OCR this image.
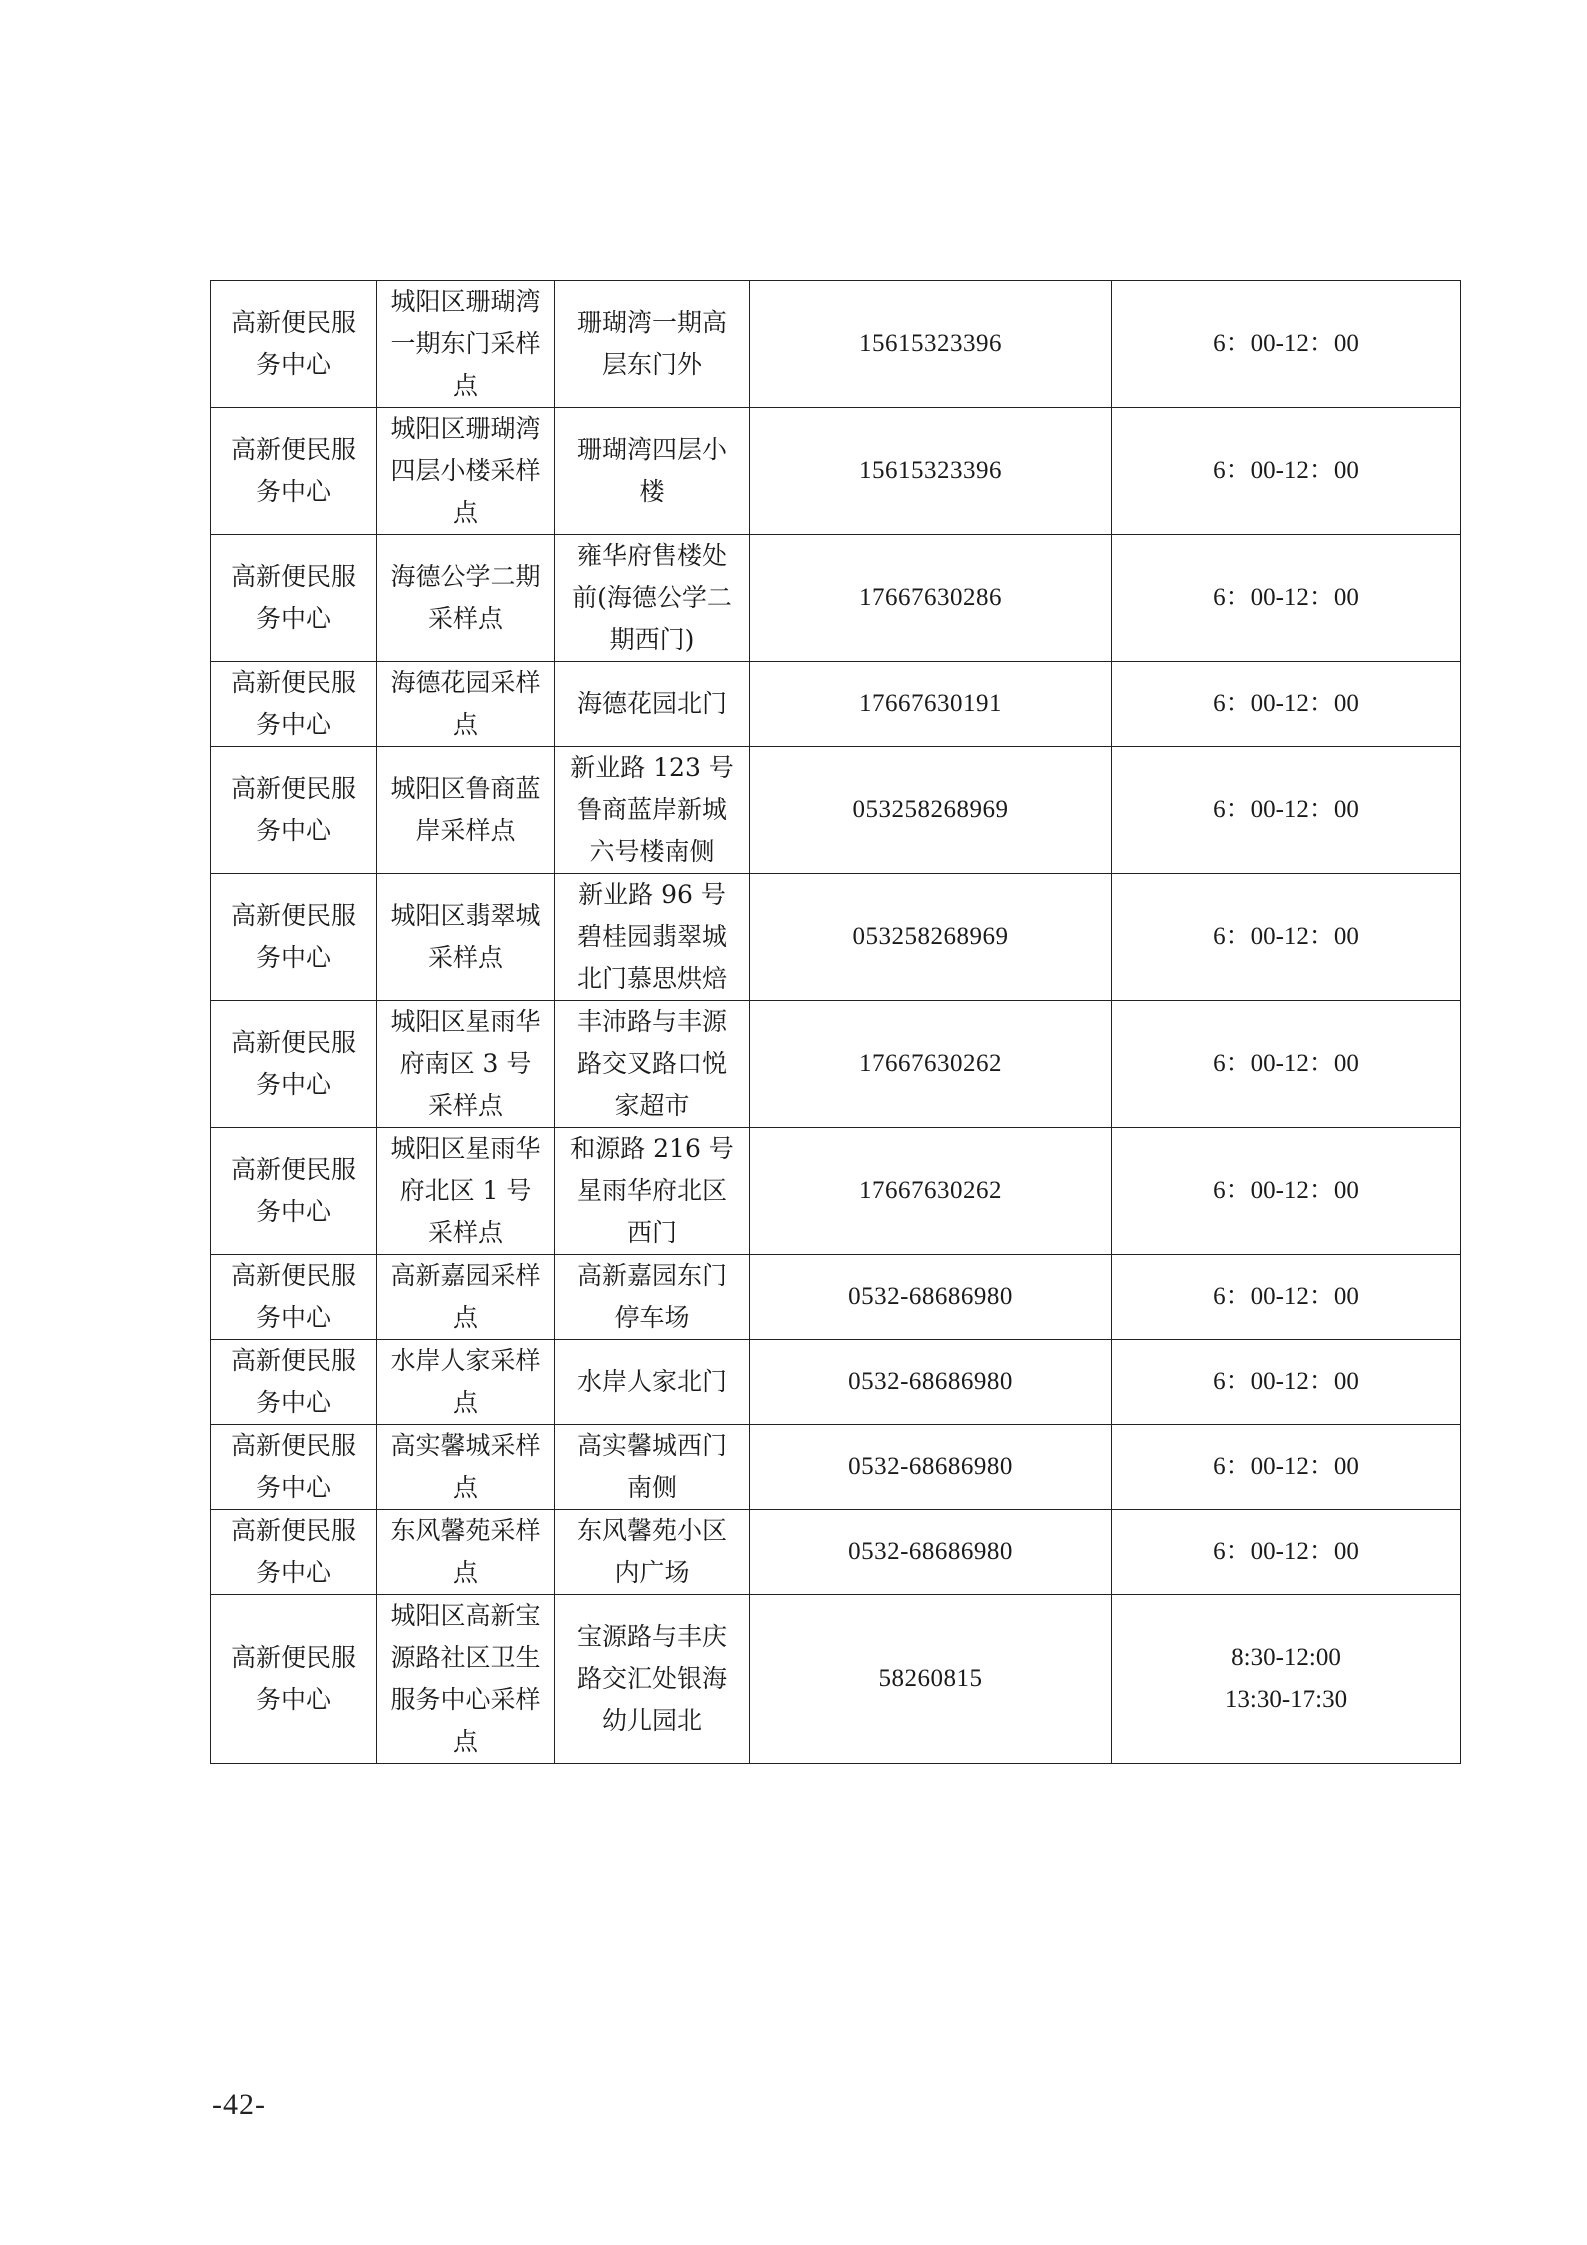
高新便民服务中心	城阳区珊瑚湾一期东门采样点	珊瑚湾一期高层东门外	15615323396	6：00-12：00

高新便民服务中心	城阳区珊瑚湾四层小楼采样点	珊瑚湾四层小楼	15615323396	6：00-12：00

高新便民服务中心	海德公学二期采样点	雍华府售楼处前(海德公学二期西门)	17667630286	6：00-12：00

高新便民服务中心	海德花园采样点	海德花园北门	17667630191	6：00-12：00

高新便民服务中心	城阳区鲁商蓝岸采样点	新业路 123 号鲁商蓝岸新城六号楼南侧	053258268969	6：00-12：00

高新便民服务中心	城阳区翡翠城采样点	新业路 96 号碧桂园翡翠城北门慕思烘焙	053258268969	6：00-12：00

高新便民服务中心	城阳区星雨华府南区 3 号采样点	丰沛路与丰源路交叉路口悦家超市	17667630262	6：00-12：00

高新便民服务中心	城阳区星雨华府北区 1 号采样点	和源路 216 号星雨华府北区西门	17667630262	6：00-12：00

高新便民服务中心	高新嘉园采样点	高新嘉园东门停车场	0532-68686980	6：00-12：00

高新便民服务中心	水岸人家采样点	水岸人家北门	0532-68686980	6：00-12：00

高新便民服务中心	高实馨城采样点	高实馨城西门南侧	0532-68686980	6：00-12：00

高新便民服务中心	东风馨苑采样点	东风馨苑小区内广场	0532-68686980	6：00-12：00

高新便民服务中心	城阳区高新宝源路社区卫生服务中心采样点	宝源路与丰庆路交汇处银海幼儿园北	58260815	8:30-12:00
13:30-17:30
-42-
